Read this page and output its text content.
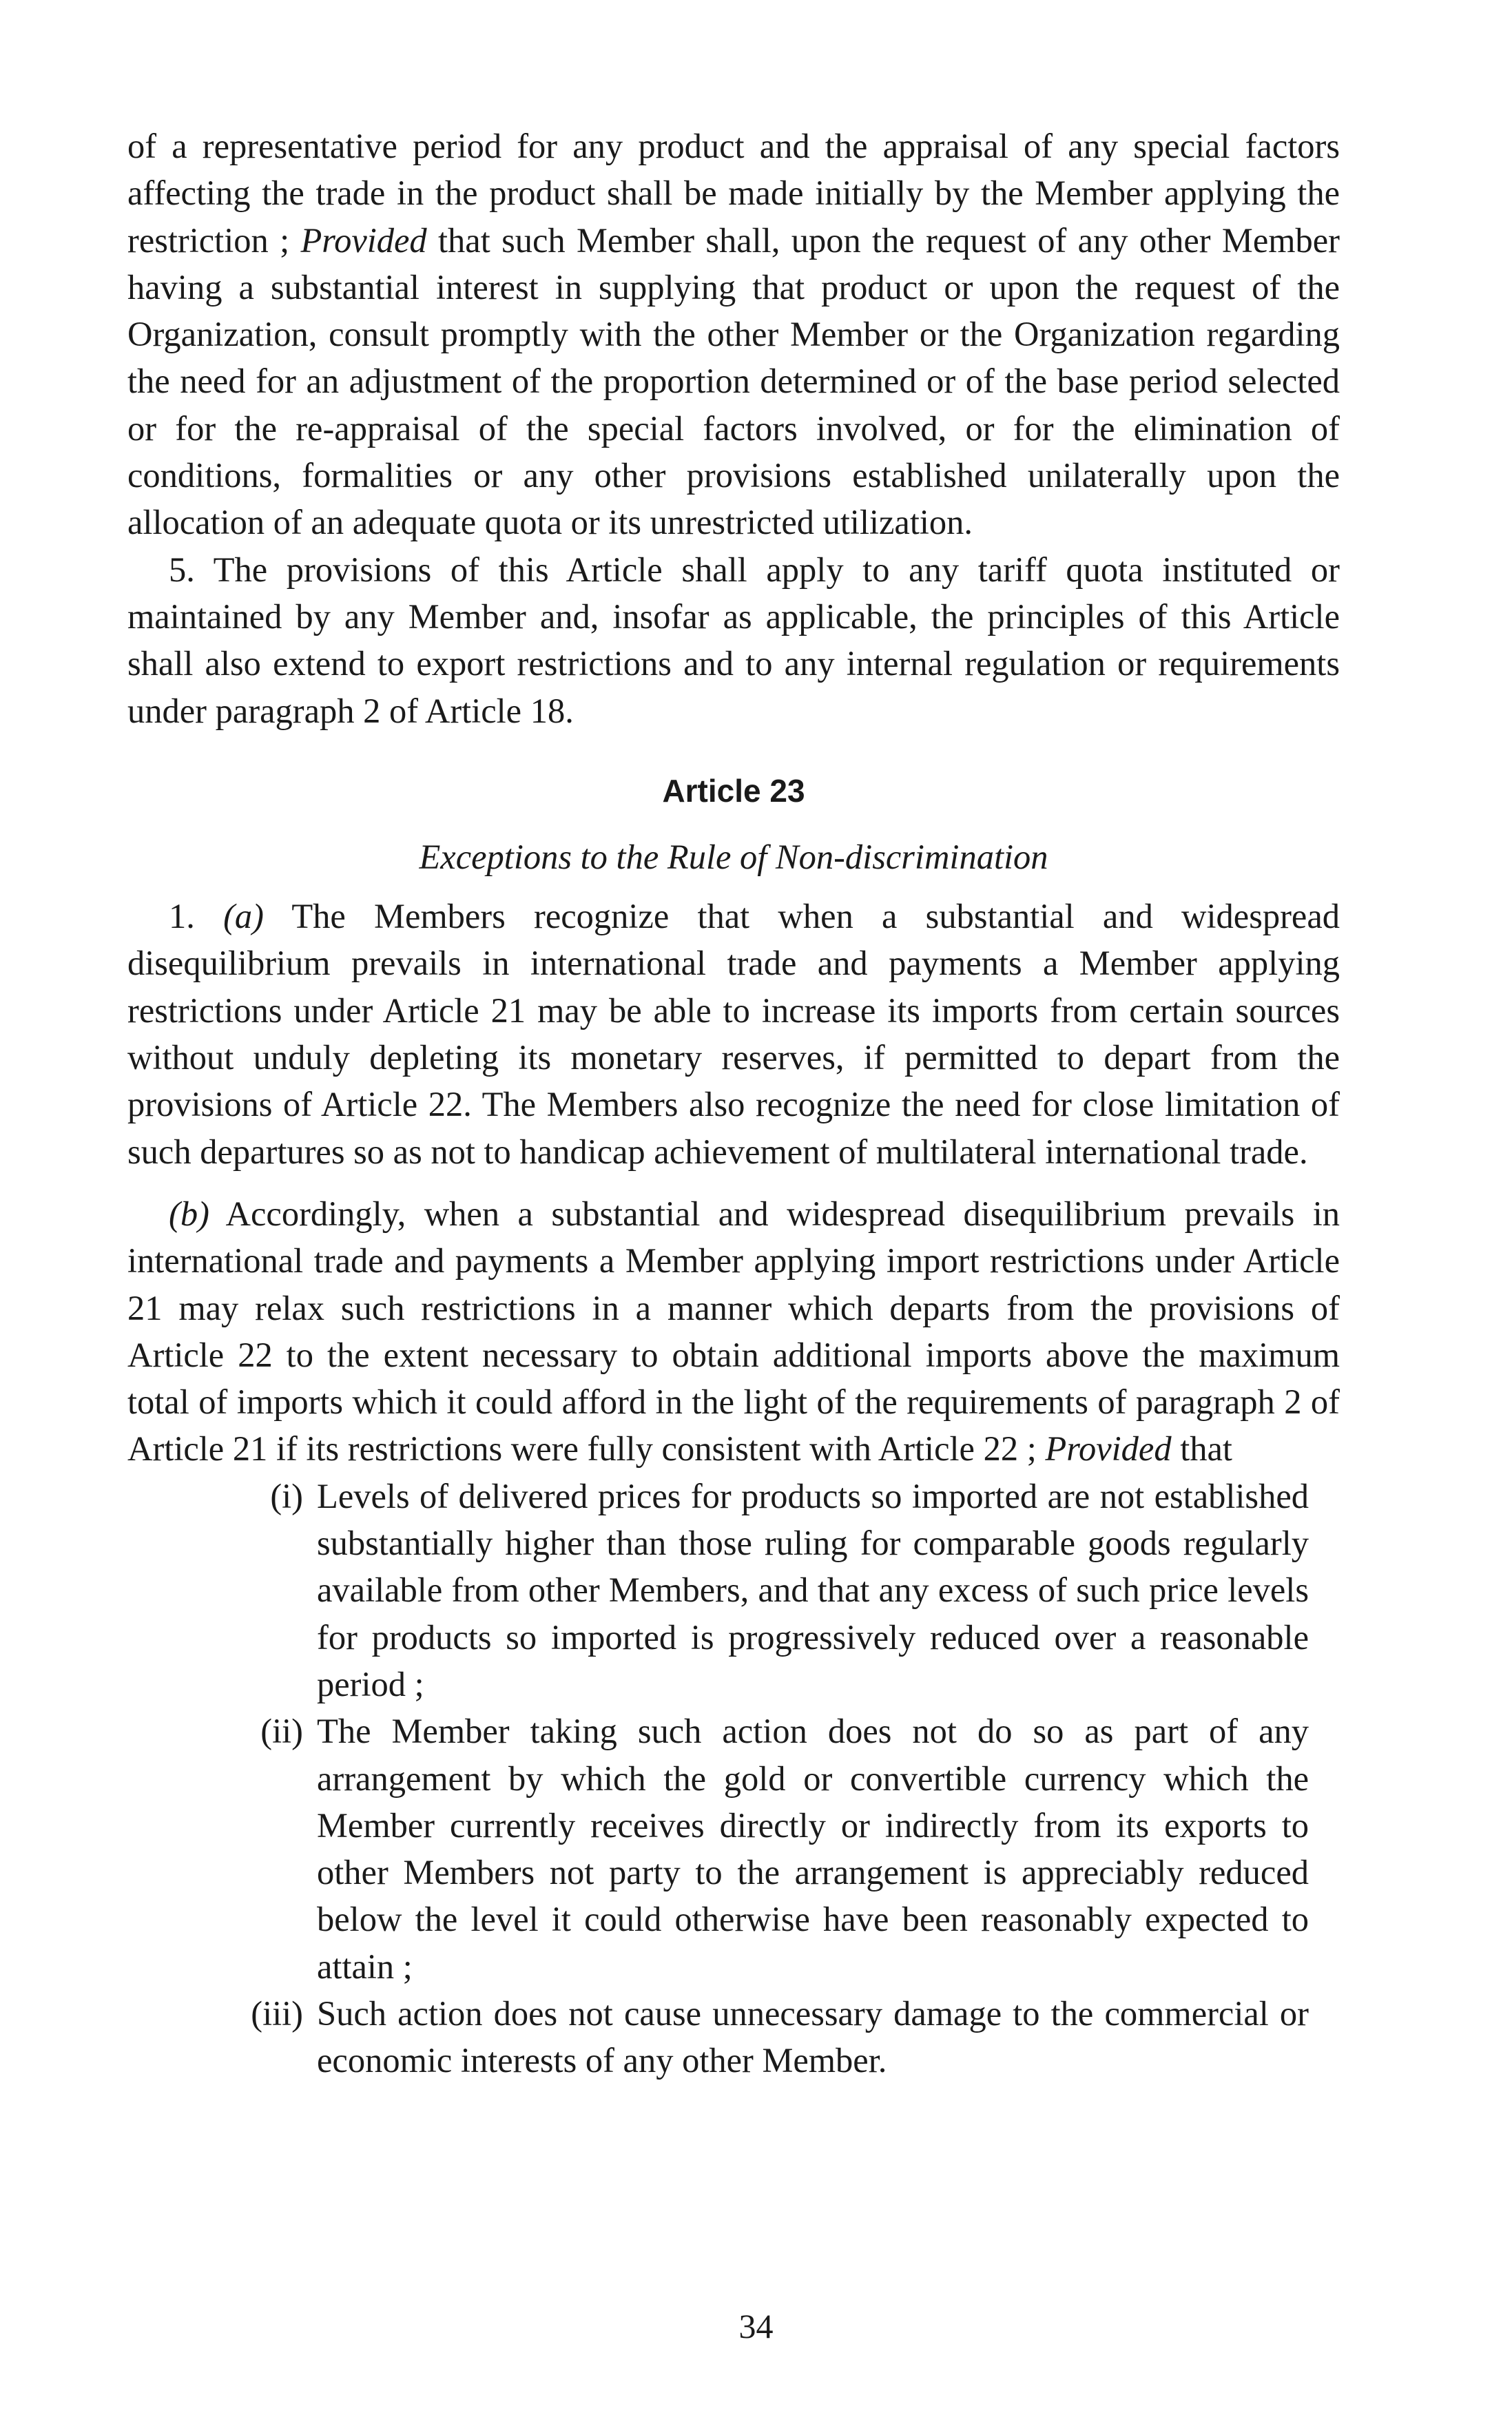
of a representative period for any product and the appraisal of any special factors affecting the trade in the product shall be made initially by the Member applying the restriction ; Provided that such Member shall, upon the request of any other Member having a substantial interest in supplying that product or upon the request of the Organization, consult promptly with the other Member or the Organization regarding the need for an adjustment of the proportion determined or of the base period selected or for the re-appraisal of the special factors involved, or for the elimination of conditions, formalities or any other provisions established unilaterally upon the allocation of an adequate quota or its unrestricted utilization.

5. The provisions of this Article shall apply to any tariff quota instituted or maintained by any Member and, insofar as applicable, the principles of this Article shall also extend to export restrictions and to any internal regulation or requirements under paragraph 2 of Article 18.

Article 23
Exceptions to the Rule of Non-discrimination

1. (a) The Members recognize that when a substantial and widespread disequilibrium prevails in international trade and payments a Member applying restrictions under Article 21 may be able to increase its imports from certain sources without unduly depleting its monetary reserves, if permitted to depart from the provisions of Article 22. The Members also recognize the need for close limitation of such departures so as not to handicap achievement of multilateral international trade.

(b) Accordingly, when a substantial and widespread disequilibrium prevails in international trade and payments a Member applying import restrictions under Article 21 may relax such restrictions in a manner which departs from the provisions of Article 22 to the extent necessary to obtain additional imports above the maximum total of imports which it could afford in the light of the requirements of paragraph 2 of Article 21 if its restrictions were fully consistent with Article 22 ; Provided that

(i) Levels of delivered prices for products so imported are not established substantially higher than those ruling for comparable goods regularly available from other Members, and that any excess of such price levels for products so imported is progressively reduced over a reasonable period ;
(ii) The Member taking such action does not do so as part of any arrangement by which the gold or convertible currency which the Member currently receives directly or indirectly from its exports to other Members not party to the arrangement is appreciably reduced below the level it could otherwise have been reasonably expected to attain ;
(iii) Such action does not cause unnecessary damage to the commercial or economic interests of any other Member.
34
